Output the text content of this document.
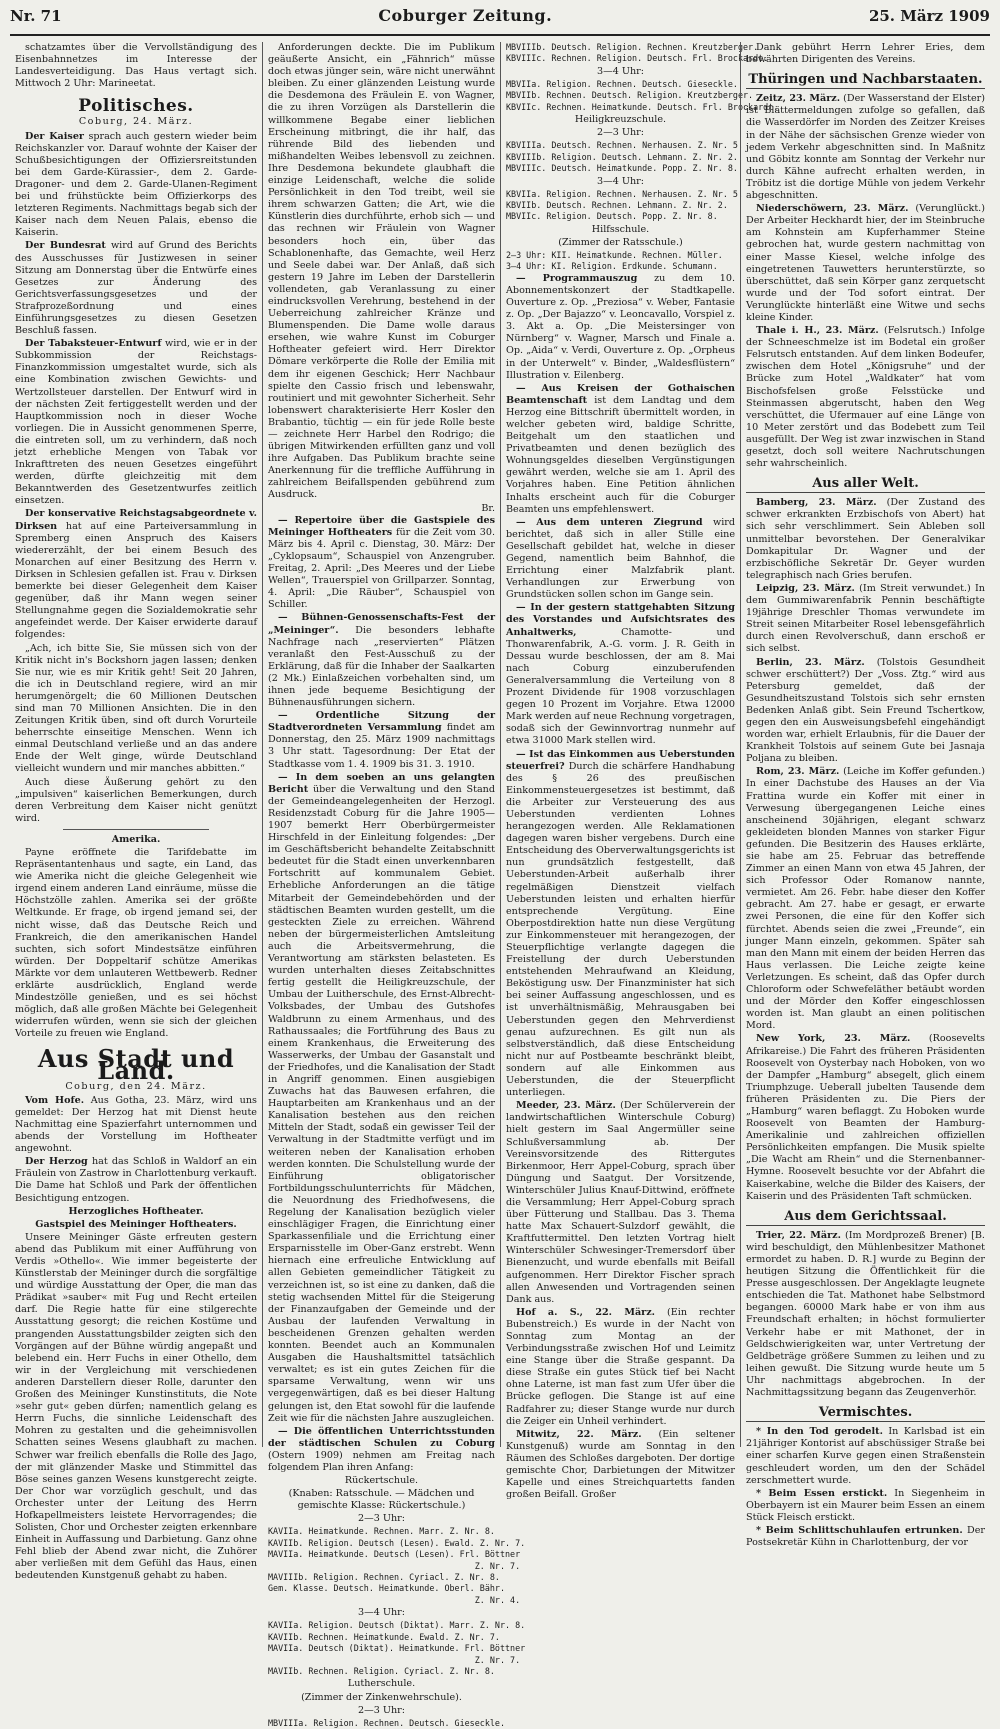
Nr. 71	Coburger Zeitung.	25. März 1909

schatzamtes über die Vervollständigung des Eisenbahnnetzes im Interesse der Landesverteidigung. Das Haus vertagt sich. Mittwoch 2 Uhr: Marineetat.

Politisches.
Coburg, 24. März.

Der Kaiser sprach auch gestern wieder beim Reichskanzler vor. Darauf wohnte der Kaiser der Schußbesichtigungen der Offiziersreitstunden bei dem Garde-Kürassier-, dem 2. Garde-Dragoner- und dem 2. Garde-Ulanen-Regiment bei und frühstückte beim Offizierkorps des letzteren Regiments. Nachmittags begab sich der Kaiser nach dem Neuen Palais, ebenso die Kaiserin.

Der Bundesrat wird auf Grund des Berichts des Ausschusses für Justizwesen in seiner Sitzung am Donnerstag über die Entwürfe eines Gesetzes zur Änderung des Gerichtsverfassungsgesetzes und der Strafprozeßordnung und eines Einführungsgesetzes zu diesen Gesetzen Beschluß fassen.

Der Tabaksteuer-Entwurf wird, wie er in der Subkommission der Reichstags-Finanzkommission umgestaltet wurde, sich als eine Kombination zwischen Gewichts- und Wertzollsteuer darstellen. Der Entwurf wird in der nächsten Zeit fertiggestellt werden und der Hauptkommission noch in dieser Woche vorliegen. Die in Aussicht genommenen Sperre, die eintreten soll, um zu verhindern, daß noch jetzt erhebliche Mengen von Tabak vor Inkrafttreten des neuen Gesetzes eingeführt werden, dürfte gleichzeitig mit dem Bekanntwerden des Gesetzentwurfes zeitlich einsetzen.

Der konservative Reichstagsabgeordnete v. Dirksen hat auf eine Parteiversammlung in Spremberg einen Anspruch des Kaisers wiedererzählt, der bei einem Besuch des Monarchen auf einer Besitzung des Herrn v. Dirksen in Schlesien gefallen ist. Frau v. Dirksen bemerkte bei dieser Gelegenheit dem Kaiser gegenüber, daß ihr Mann wegen seiner Stellungnahme gegen die Sozialdemokratie sehr angefeindet werde. Der Kaiser erwiderte darauf folgendes:

„Ach, ich bitte Sie, Sie müssen sich von der Kritik nicht in's Bockshorn jagen lassen; denken Sie nur, wie es mir Kritik geht! Seit 20 Jahren, die ich in Deutschland regiere, wird an mir herumgenörgelt; die 60 Millionen Deutschen sind man 70 Millionen Ansichten. Die in den Zeitungen Kritik üben, sind oft durch Vorurteile beherrschte einseitige Menschen. Wenn ich einmal Deutschland verließe und an das andere Ende der Welt ginge, würde Deutschland vielleicht wundern und mir manches abbitten.“

Auch diese Äußerung gehört zu den „impulsiven“ kaiserlichen Bemerkungen, durch deren Verbreitung dem Kaiser nicht genützt wird.

Amerika.

Payne eröffnete die Tarifdebatte im Repräsentantenhaus und sagte, ein Land, das wie Amerika nicht die gleiche Gelegenheit wie irgend einem anderen Land einräume, müsse die Höchstzölle zahlen. Amerika sei der größte Weltkunde. Er frage, ob irgend jemand sei, der nicht wisse, daß das Deutsche Reich und Frankreich, die den amerikanischen Handel suchten, sich sofort Mindestsätze einführen würden. Der Doppeltarif schütze Amerikas Märkte vor dem unlauteren Wettbewerb. Redner erklärte ausdrücklich, England werde Mindestzölle genießen, und es sei höchst möglich, daß alle großen Mächte bei Gelegenheit widerrufen würden, wenn sie sich der gleichen Vorteile zu freuen wie England.

Aus Stadt und Land.
Coburg, den 24. März.

Vom Hofe. Aus Gotha, 23. März, wird uns gemeldet: Der Herzog hat mit Dienst heute Nachmittag eine Spazierfahrt unternommen und abends der Vorstellung im Hoftheater angewohnt.

Der Herzog hat das Schloß in Waldorf an ein Fräulein von Zastrow in Charlottenburg verkauft. Die Dame hat Schloß und Park der öffentlichen Besichtigung entzogen.

Herzogliches Hoftheater.
Gastspiel des Meininger Hoftheaters.

Unsere Meininger Gäste erfreuten gestern abend das Publikum mit einer Aufführung von Verdis »Othello«. Wie immer begeisterte der Künstlerstab der Meininger durch die sorgfältige und würdige Ausstattung der Oper, die man das Prädikat »sauber« mit Fug und Recht erteilen darf. Die Regie hatte für eine stilgerechte Ausstattung gesorgt; die reichen Kostüme und prangenden Ausstattungsbilder zeigten sich den Vorgängen auf der Bühne würdig angepaßt und belebend ein. Herr Fuchs in einer Othello, dem wir in der Vergleichung mit verschiedenen anderen Darstellern dieser Rolle, darunter den Großen des Meininger Kunstinstituts, die Note »sehr gut« geben dürfen; namentlich gelang es Herrn Fuchs, die sinnliche Leidenschaft des Mohren zu gestalten und die geheimnisvollen Schatten seines Wesens glaubhaft zu machen. Schwer war freilich ebenfalls die Rolle des Jago, der mit glänzender Maske und Stimmittel das Böse seines ganzen Wesens kunstgerecht zeigte. Der Chor war vorzüglich geschult, und das Orchester unter der Leitung des Herrn Hofkapellmeisters leistete Hervorragendes; die Solisten, Chor und Orchester zeigten erkennbare Einheit in Auffassung und Darbietung. Ganz ohne Fehl blieb der Abend zwar nicht, die Zuhörer aber verließen mit dem Gefühl das Haus, einen bedeutenden Kunstgenuß gehabt zu haben.

Anforderungen deckte. Die im Publikum geäußerte Ansicht, ein „Fähnrich“ müsse doch etwas jünger sein, wäre nicht unerwähnt bleiben. Zu einer glänzenden Leistung wurde die Desdemona des Fräulein E. von Wagner, die zu ihren Vorzügen als Darstellerin die willkommene Begabe einer lieblichen Erscheinung mitbringt, die ihr half, das rührende Bild des liebenden und mißhandelten Weibes lebensvoll zu zeichnen. Ihre Desdemona bekundete glaubhaft die einzige Leidenschaft, welche die solide Persönlichkeit in den Tod treibt, weil sie ihrem schwarzen Gatten; die Art, wie die Künstlerin dies durchführte, erhob sich — und das rechnen wir Fräulein von Wagner besonders hoch ein, über das Schablonenhafte, das Gemachte, weil Herz und Seele dabei war. Der Anlaß, daß sich gestern 19 Jahre im Leben der Darstellerin vollendeten, gab Veranlassung zu einer eindrucksvollen Verehrung, bestehend in der Ueberreichung zahlreicher Kränze und Blumenspenden. Die Dame wolle daraus ersehen, wie wahre Kunst im Coburger Hoftheater gefeiert wird. Herr Direktor Dömare verkörperte die Rolle der Emilia mit dem ihr eigenen Geschick; Herr Nachbaur spielte den Cassio frisch und lebenswahr, routiniert und mit gewohnter Sicherheit. Sehr lobenswert charakterisierte Herr Kosler den Brabantio, tüchtig — ein für jede Rolle beste — zeichnete Herr Harbel den Rodrigo; die übrigen Mitwirkenden erfüllten ganz und voll ihre Aufgaben. Das Publikum brachte seine Anerkennung für die treffliche Aufführung in zahlreichem Beifallspenden gebührend zum Ausdruck.

Br.

— Repertoire über die Gastspiele des Meininger Hoftheaters für die Zeit vom 30. März bis 4. April c. Dienstag, 30. März: Der „Cyklopsaum“, Schauspiel von Anzengruber. Freitag, 2. April: „Des Meeres und der Liebe Wellen“, Trauerspiel von Grillparzer. Sonntag, 4. April: „Die Räuber“, Schauspiel von Schiller.

— Bühnen-Genossenschafts-Fest der „Meininger“. Die besonders lebhafte Nachfrage nach „reservierten“ Plätzen veranlaßt den Fest-Ausschuß zu der Erklärung, daß für die Inhaber der Saalkarten (2 Mk.) Einlaßzeichen vorbehalten sind, um ihnen jede bequeme Besichtigung der Bühnenausführungen sichern.

— Ordentliche Sitzung der Stadtverordneten Versammlung findet am Donnerstag, den 25. März 1909 nachmittags 3 Uhr statt. Tagesordnung: Der Etat der Stadtkasse vom 1. 4. 1909 bis 31. 3. 1910.

— In dem soeben an uns gelangten Bericht über die Verwaltung und den Stand der Gemeindeangelegenheiten der Herzogl. Residenzstadt Coburg für die Jahre 1905—1907 bemerkt Herr Oberbürgermeister Hirschfeld in der Einleitung folgendes: „Der im Geschäftsbericht behandelte Zeitabschnitt bedeutet für die Stadt einen unverkennbaren Fortschritt auf kommunalem Gebiet. Erhebliche Anforderungen an die tätige Mitarbeit der Gemeindebehörden und der städtischen Beamten wurden gestellt, um die gesteckten Ziele zu erreichen. Während neben der bürgermeisterlichen Amtsleitung auch die Arbeitsvermehrung, die Verantwortung am stärksten belasteten. Es wurden unterhalten dieses Zeitabschnittes fertig gestellt die Heiligkreuzschule, der Umbau der Luitherschule, des Ernst-Albrecht-Volksbades, der Umbau des Gutshofes Waldbrunn zu einem Armenhaus, und des Rathaussaales; die Fortführung des Baus zu einem Krankenhaus, die Erweiterung des Wasserwerks, der Umbau der Gasanstalt und der Friedhofes, und die Kanalisation der Stadt in Angriff genommen. Einen ausgiebigen Zuwachs hat das Bauwesen erfahren, die Hauptarbeiten am Krankenhaus und an der Kanalisation bestehen aus den reichen Mitteln der Stadt, sodaß ein gewisser Teil der Verwaltung in der Stadtmitte verfügt und im weiteren neben der Kanalisation erhoben werden konnten. Die Schulstellung wurde der Einführung obligatorischer Fortbildungsschulunterrichts für Mädchen, die Neuordnung des Friedhofwesens, die Regelung der Kanalisation bezüglich vieler einschlägiger Fragen, die Einrichtung einer Sparkassenfiliale und die Errichtung einer Ersparnisstelle im Ober-Ganz erstrebt. Wenn hiernach eine erfreuliche Entwicklung auf allen Gebieten gemeindlicher Tätigkeit zu verzeichnen ist, so ist eine zu danken, daß die stetig wachsenden Mittel für die Steigerung der Finanzaufgaben der Gemeinde und der Ausbau der laufenden Verwaltung in bescheidenen Grenzen gehalten werden konnten. Beendet auch an Kommunalen Ausgaben die Haushaltsmittel tatsächlich verwaltet; es ist ein gutes Zeichen für die sparsame Verwaltung, wenn wir uns vergegenwärtigen, daß es bei dieser Haltung gelungen ist, den Etat sowohl für die laufende Zeit wie für die nächsten Jahre auszugleichen.

— Die öffentlichen Unterrichtsstunden der städtischen Schulen zu Coburg (Ostern 1909) nehmen am Freitag nach folgendem Plan ihren Anfang:

Rückertschule.
(Knaben: Ratsschule. — Mädchen und gemischte Klasse: Rückertschule.)
2—3 Uhr:
KAVIIa. Heimatkunde. Rechnen. Marr. Z. Nr. 8.
KAVIIb. Religion. Deutsch (Lesen). Ewald. Z. Nr. 7.
MAVIIa. Heimatkunde. Deutsch (Lesen). Frl. Böttner
Z. Nr. 7.
MAVIIIb. Religion. Rechnen. Cyriacl. Z. Nr. 8.
Gem. Klasse. Deutsch. Heimatkunde. Oberl. Bähr.
Z. Nr. 4.
3—4 Uhr:
KAVIIa. Religion. Deutsch (Diktat). Marr. Z. Nr. 8.
KAVIIb. Rechnen. Heimatkunde. Ewald. Z. Nr. 7.
MAVIIa. Deutsch (Diktat). Heimatkunde. Frl. Böttner
Z. Nr. 7.
MAVIIb. Rechnen. Religion. Cyriacl. Z. Nr. 8.
Lutherschule.
(Zimmer der Zinkenwehrschule).
2—3 Uhr:
MBVIIIa. Religion. Rechnen. Deutsch. Gieseckle.
MBVIIIb. Deutsch. Religion. Rechnen. Kreutzberger.
KBVIIIc. Rechnen. Religion. Deutsch. Frl. Brockardt.
3—4 Uhr:
MBVIIa. Religion. Rechnen. Deutsch. Gieseckle.
MBVIIb. Rechnen. Deutsch. Religion. Kreutzberger.
KBVIIc. Rechnen. Heimatkunde. Deutsch. Frl. Brockardt.
Heiligkreuzschule.
2—3 Uhr:
KBVIIIa. Deutsch. Rechnen. Nerhausen. Z. Nr. 5.
KBVIIIb. Religion. Deutsch. Lehmann. Z. Nr. 2.
MBVIIIc. Deutsch. Heimatkunde. Popp. Z. Nr. 8.
3—4 Uhr:
KBVIIa. Religion. Rechnen. Nerhausen. Z. Nr. 5.
KBVIIb. Deutsch. Rechnen. Lehmann. Z. Nr. 2.
MBVIIc. Religion. Deutsch. Popp. Z. Nr. 8.
Hilfsschule.
(Zimmer der Ratsschule.)
2—3 Uhr: KII. Heimatkunde. Rechnen. Müller.
3—4 Uhr: KI. Religion. Erdkunde. Schumann.

— Programmauszug zu dem 10. Abonnementskonzert der Stadtkapelle. Ouverture z. Op. „Preziosa“ v. Weber, Fantasie z. Op. „Der Bajazzo“ v. Leoncavallo, Vorspiel z. 3. Akt a. Op. „Die Meistersinger von Nürnberg“ v. Wagner, Marsch und Finale a. Op. „Aida“ v. Verdi, Ouverture z. Op. „Orpheus in der Unterwelt“ v. Binder, „Waldesflüstern“ Illustration v. Eilenberg.

— Aus Kreisen der Gothaischen Beamtenschaft ist dem Landtag und dem Herzog eine Bittschrift übermittelt worden, in welcher gebeten wird, baldige Schritte, Beitgehalt um den staatlichen und Privatbeamten und denen bezüglich des Wohnungsgeldes dieselben Vergünstigungen gewährt werden, welche sie am 1. April des Vorjahres haben. Eine Petition ähnlichen Inhalts erscheint auch für die Coburger Beamten uns empfehlenswert.

— Aus dem unteren Ziegrund wird berichtet, daß sich in aller Stille eine Gesellschaft gebildet hat, welche in dieser Gegend, namentlich beim Bahnhof, die Errichtung einer Malzfabrik plant. Verhandlungen zur Erwerbung von Grundstücken sollen schon im Gange sein.

— In der gestern stattgehabten Sitzung des Vorstandes und Aufsichtsrates des Anhaltwerks,	Chamotte- und Thonwarenfabrik, A.-G. vorm. J. R. Geith in Dessau wurde beschlossen, der am 8. Mai nach Coburg einzuberufenden Generalversammlung die Verteilung von 8 Prozent Dividende für 1908 vorzuschlagen gegen 10 Prozent im Vorjahre. Etwa 12000 Mark werden auf neue Rechnung vorgetragen, sodaß sich der Gewinnvortrag nunmehr auf etwa 31000 Mark stellen wird.

— Ist das Einkommen aus Ueberstunden steuerfrei? Durch die schärfere Handhabung des § 26 des preußischen Einkommensteuergesetzes ist bestimmt, daß die Arbeiter zur Versteuerung des aus Ueberstunden verdienten Lohnes herangezogen werden. Alle Reklamationen dagegen waren bisher vergebens. Durch eine Entscheidung des Oberverwaltungsgerichts ist nun grundsätzlich festgestellt, daß Ueberstunden-Arbeit außerhalb ihrer regelmäßigen Dienstzeit vielfach Ueberstunden leisten und erhalten hierfür entsprechende Vergütung. Eine Oberpostdirektion hatte nun diese Vergütung zur Einkommensteuer mit herangezogen, der Steuerpflichtige verlangte dagegen die Freistellung der durch Ueberstunden entstehenden Mehraufwand an Kleidung, Beköstigung usw. Der Finanzminister hat sich bei seiner Auffassung angeschlossen, und es ist unverhältnismäßig, Mehrausgaben bei Ueberstunden gegen den Mehrverdienst genau aufzurechnen. Es gilt nun als selbstverständlich, daß diese Entscheidung nicht nur auf Postbeamte beschränkt bleibt, sondern auf alle Einkommen aus Ueberstunden, die der Steuerpflicht unterliegen.

Meeder, 23. März. (Der Schülerverein der landwirtschaftlichen Winterschule Coburg) hielt gestern im Saal Angermüller seine Schlußversammlung ab. Der Vereinsvorsitzende des Rittergutes Birkenmoor, Herr Appel-Coburg, sprach über Düngung und Saatgut. Der Vorsitzende, Winterschüler Julius Knauf-Dittwind, eröffnete die Versammlung; Herr Appel-Coburg sprach über Fütterung und Stallbau. Das 3. Thema hatte Max Schauert-Sulzdorf gewählt, die Kraftfuttermittel. Den letzten Vortrag hielt Winterschüler Schwesinger-Tremersdorf über Bienenzucht, und wurde ebenfalls mit Beifall aufgenommen. Herr Direktor Fischer sprach allen Anwesenden und Vortragenden seinen Dank aus.

Hof a. S., 22. März. (Ein rechter Bubenstreich.) Es wurde in der Nacht von Sonntag zum Montag an der Verbindungsstraße zwischen Hof und Leimitz eine Stange über die Straße gespannt. Da diese Straße ein gutes Stück tief bei Nacht ohne Laterne, ist man fast zum Ufer über die Brücke geflogen. Die Stange ist auf eine Radfahrer zu; dieser Stange wurde nur durch die Zeiger ein Unheil verhindert.

Mitwitz, 22. März. (Ein seltener Kunstgenuß) wurde am Sonntag in den Räumen des Schloßes dargeboten. Der dortige gemischte Chor, Darbietungen der Mitwitzer Kapelle und eines Streichquartetts fanden großen Beifall. Großer

Dank gebührt Herrn Lehrer Eries, dem bewährten Dirigenten des Vereins.

Thüringen und Nachbarstaaten.

Zeitz, 23. März. (Der Wasserstand der Elster) ist Blättermeldungen zufolge so gefallen, daß die Wasserdörfer im Norden des Zeitzer Kreises in der Nähe der sächsischen Grenze wieder von jedem Verkehr abgeschnitten sind. In Maßnitz und Göbitz konnte am Sonntag der Verkehr nur durch Kähne aufrecht erhalten werden, in Tröbitz ist die dortige Mühle von jedem Verkehr abgeschnitten.

Niederschöwern, 23. März. (Verunglückt.) Der Arbeiter Heckhardt hier, der im Steinbruche am Kohnstein am Kupferhammer Steine gebrochen hat, wurde gestern nachmittag von einer Masse Kiesel, welche infolge des eingetretenen Tauwetters herunterstürzte, so überschüttet, daß sein Körper ganz zerquetscht wurde und der Tod sofort eintrat. Der Verunglückte hinterläßt eine Witwe und sechs kleine Kinder.

Thale i. H., 23. März. (Felsrutsch.) Infolge der Schneeschmelze ist im Bodetal ein großer Felsrutsch entstanden. Auf dem linken Bodeufer, zwischen dem Hotel „Königsruhe“ und der Brücke zum Hotel „Waldkater“ hat vom Bischofsfelsen große Felsstücke und Steinmassen abgerutscht, haben den Weg verschüttet, die Ufermauer auf eine Länge von 10 Meter zerstört und das Bodebett zum Teil ausgefüllt. Der Weg ist zwar inzwischen in Stand gesetzt, doch soll weitere Nachrutschungen sehr wahrscheinlich.

Aus aller Welt.

Bamberg, 23. März. (Der Zustand des schwer erkrankten Erzbischofs von Abert) hat sich sehr verschlimmert. Sein Ableben soll unmittelbar bevorstehen. Der Generalvikar Domkapitular Dr. Wagner und der erzbischöfliche Sekretär Dr. Geyer wurden telegraphisch nach Gries berufen.

Leipzig, 23. März. (Im Streit verwundet.) In dem Gummiwarenfabrik Pennin beschäftigte 19jährige Dreschler Thomas verwundete im Streit seinen Mitarbeiter Rosel lebensgefährlich durch einen Revolverschuß, dann erschoß er sich selbst.

Berlin, 23. März. (Tolstois Gesundheit schwer erschüttert?) Der „Voss. Ztg.“ wird aus Petersburg gemeldet, daß der Gesundheitszustand Tolstois sich sehr ernsten Bedenken Anlaß gibt. Sein Freund Tschertkow, gegen den ein Ausweisungsbefehl eingehändigt worden war, erhielt Erlaubnis, für die Dauer der Krankheit Tolstois auf seinem Gute bei Jasnaja Poljana zu bleiben.

Rom, 23. März. (Leiche im Koffer gefunden.) In einer Dachstube des Hauses an der Via Frattina wurde ein Koffer mit einer in Verwesung übergegangenen Leiche eines anscheinend 30jährigen, elegant schwarz gekleideten blonden Mannes von starker Figur gefunden. Die Besitzerin des Hauses erklärte, sie habe am 25. Februar das betreffende Zimmer an einen Mann von etwa 45 Jahren, der sich Professor Oder Romanow nannte, vermietet. Am 26. Febr. habe dieser den Koffer gebracht. Am 27. habe er gesagt, er erwarte zwei Personen, die eine für den Koffer sich fürchtet. Abends seien die zwei „Freunde“, ein junger Mann einzeln, gekommen. Später sah man den Mann mit einem der beiden Herren das Haus verlassen. Die Leiche zeigte keine Verletzungen. Es scheint, daß das Opfer durch Chloroform oder Schwefeläther betäubt worden und der Mörder den Koffer eingeschlossen worden ist. Man glaubt an einen politischen Mord.

New York, 23. März. (Roosevelts Afrikareise.) Die Fahrt des früheren Präsidenten Roosevelt von Oysterbay nach Hoboken, von wo der Dampfer „Hamburg“ absegelt, glich einem Triumphzuge. Ueberall jubelten Tausende dem früheren Präsidenten zu. Die Piers der „Hamburg“ waren beflaggt. Zu Hoboken wurde Roosevelt von Beamten der Hamburg-Amerikalinie und zahlreichen offiziellen Persönlichkeiten empfangen. Die Musik spielte „Die Wacht am Rhein“ und die Sternenbanner-Hymne. Roosevelt besuchte vor der Abfahrt die Kaiserkabine, welche die Bilder des Kaisers, der Kaiserin und des Präsidenten Taft schmücken.

Aus dem Gerichtssaal.

Trier, 22. März. (Im Mordprozeß Brener) [B. wird beschuldigt, den Mühlenbesitzer Mathonet ermordet zu haben. D. R.] wurde zu Beginn der heutigen Sitzung die Öffentlichkeit für die Presse ausgeschlossen. Der Angeklagte leugnete entschieden die Tat. Mathonet habe Selbstmord begangen. 60000 Mark habe er von ihm aus Freundschaft erhalten; in höchst formulierter Verkehr habe er mit Mathonet, der in Geldschwierigkeiten war, unter Vertretung der Geldbeträge größere Summen zu leihen und zu leihen gewußt. Die Sitzung wurde heute um 5 Uhr nachmittags abgebrochen. In der Nachmittagssitzung begann das Zeugenverhör.

Vermischtes.

* In den Tod gerodelt. In Karlsbad ist ein 21jähriger Kontorist auf abschüssiger Straße bei einer scharfen Kurve gegen einen Straßenstein geschleudert worden, um den der Schädel zerschmettert wurde.

* Beim Essen erstickt. In Siegenheim in Oberbayern ist ein Maurer beim Essen an einem Stück Fleisch erstickt.

* Beim Schlittschuhlaufen ertrunken. Der Postsekretär Kühn in Charlottenburg, der vor
